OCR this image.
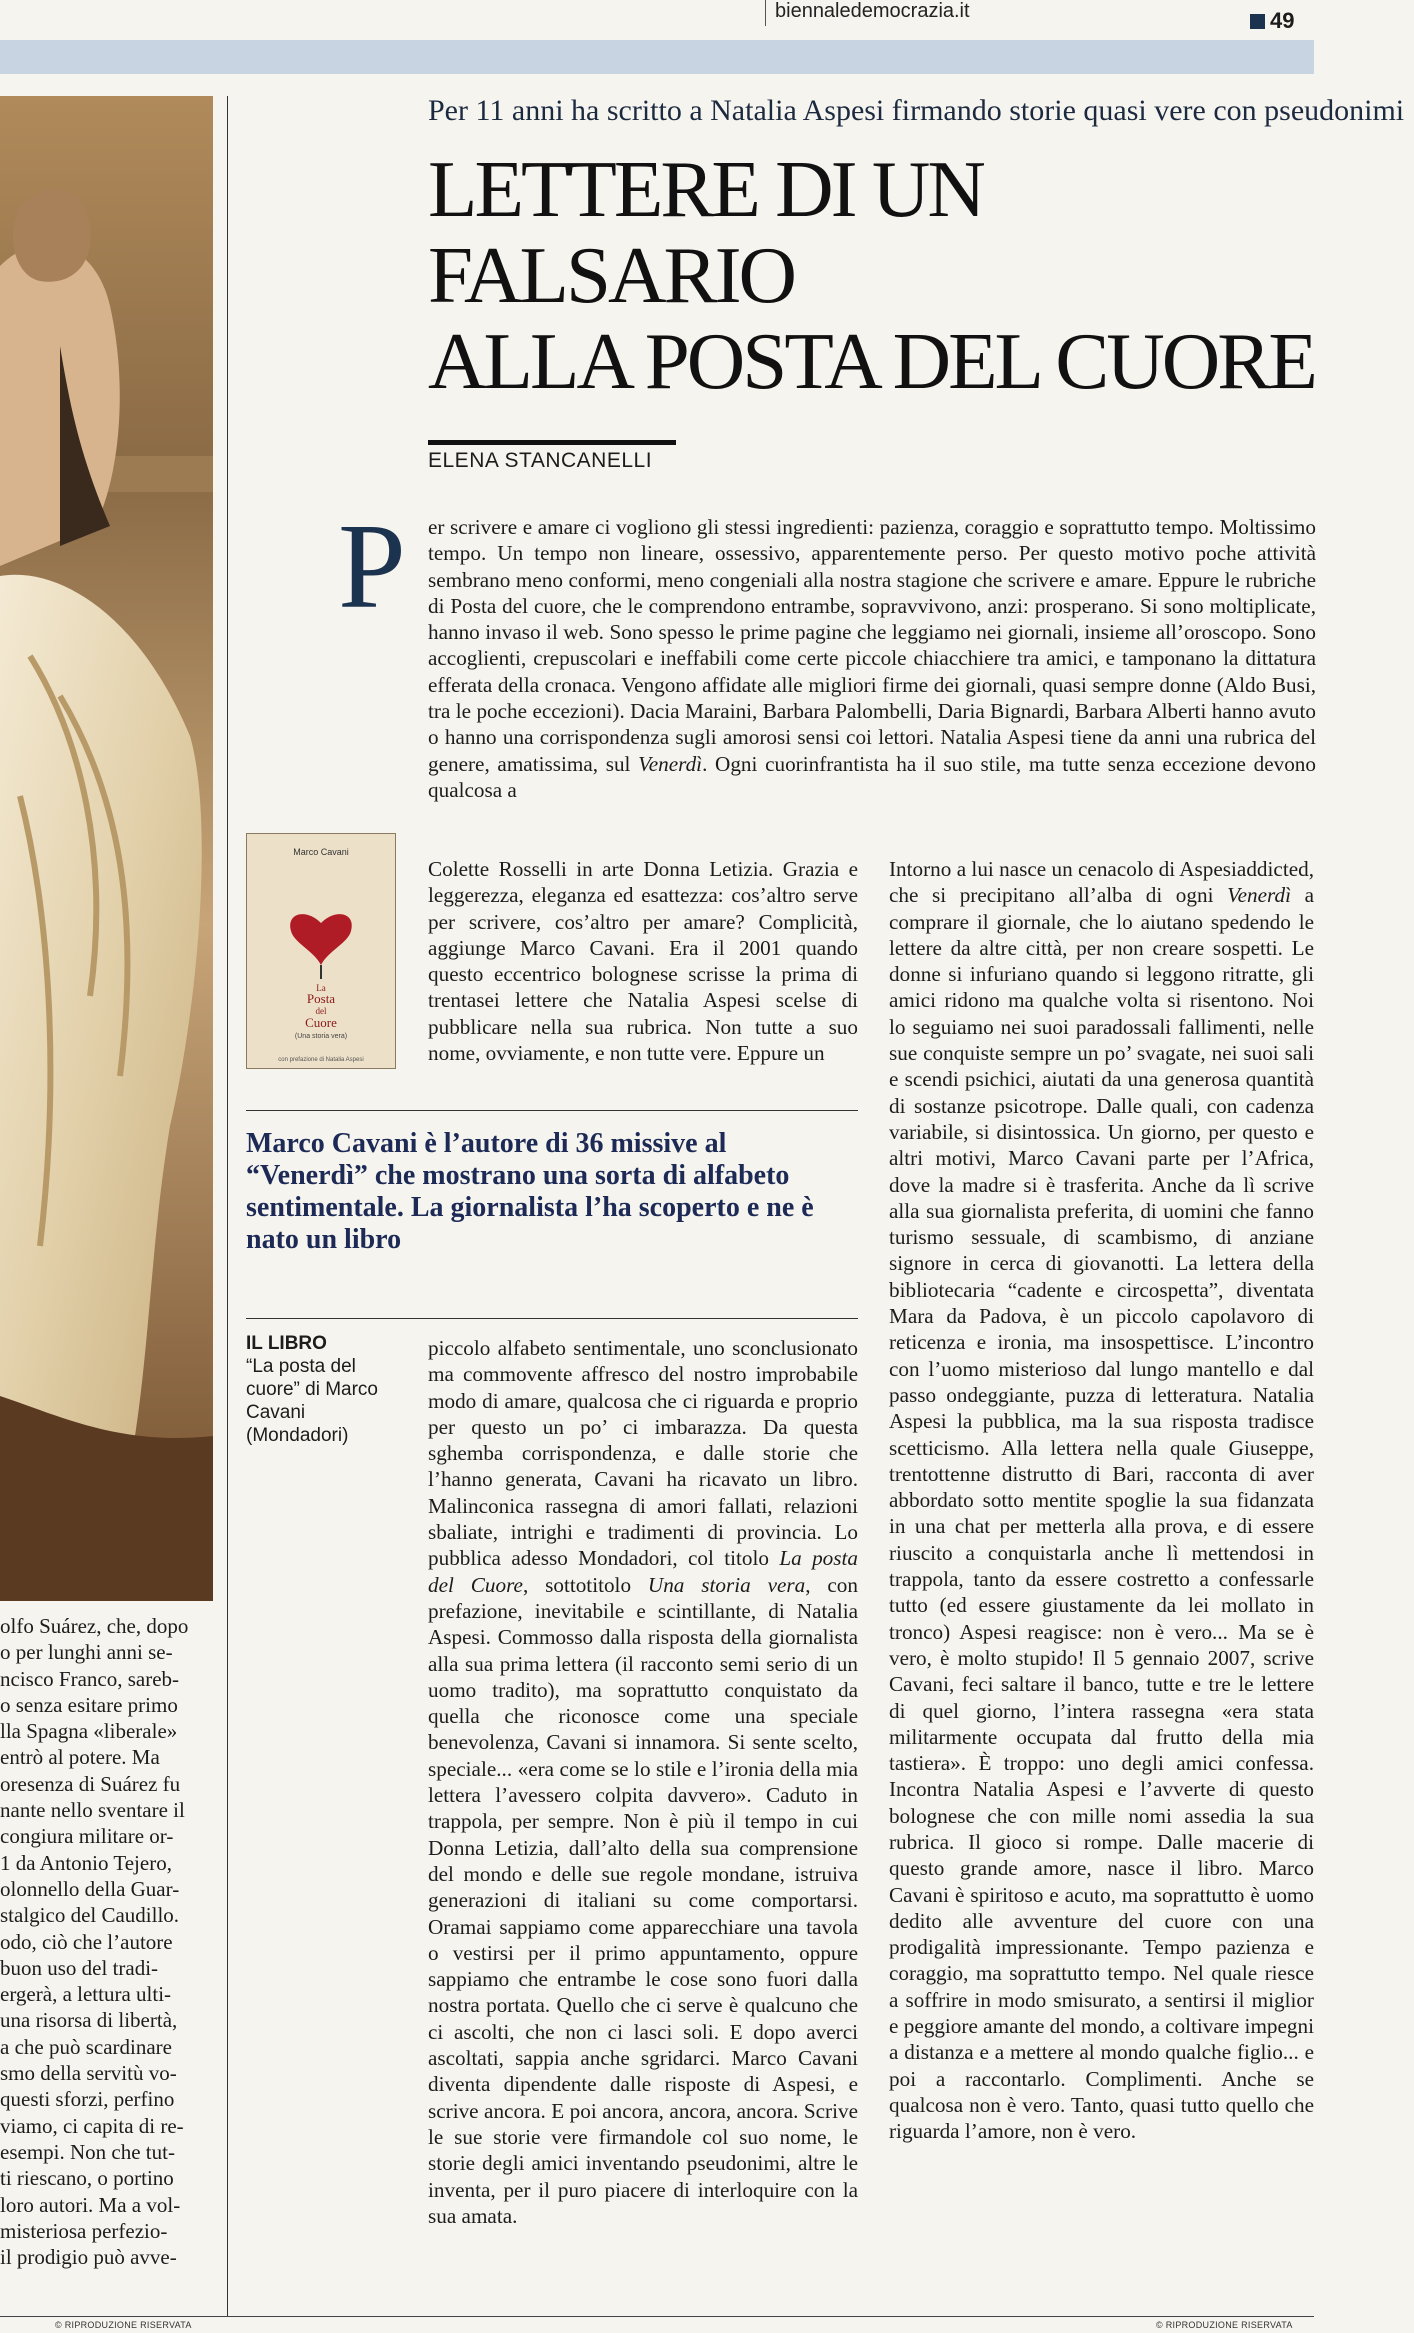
biennaledemocrazia.it	49

olfo Suárez, che, dopo

o per lunghi anni se-

ncisco Franco, sareb-

o senza esitare primo

lla Spagna «liberale»

entrò al potere. Ma

oresenza di Suárez fu

nante nello sventare il

congiura militare or-

1 da Antonio Tejero,

olonnello della Guar-

stalgico del Caudillo.

odo, ciò che l’autore

buon uso del tradi-

ergerà, a lettura ulti-

una risorsa di libertà,

a che può scardinare

smo della servitù vo-

questi sforzi, perfino

viamo, ci capita di re-

esempi. Non che tut-

ti riescano, o portino

loro autori. Ma a vol-

misteriosa perfezio-

il prodigio può avve-

Per 11 anni ha scritto a Natalia Aspesi firmando storie quasi vere con pseudonimi
LETTERE DI UN FALSARIO
ALLA POSTA DEL CUORE
ELENA STANCANELLI
P er scrivere e amare ci vogliono gli stessi ingredienti: pazienza, coraggio e soprattutto tempo. Moltissimo tempo. Un tempo non lineare, ossessivo, apparentemente perso. Per questo motivo poche attività sembrano meno conformi, meno congeniali alla nostra stagione che scrivere e amare. Eppure le rubriche di Posta del cuore, che le comprendono entrambe, sopravvivono, anzi: prosperano. Si sono moltiplicate, hanno invaso il web. Sono spesso le prime pagine che leggiamo nei giornali, insieme all’oroscopo. Sono accoglienti, crepuscolari e ineffabili come certe piccole chiacchiere tra amici, e tamponano la dittatura efferata della cronaca. Vengono affidate alle migliori firme dei giornali, quasi sempre donne (Aldo Busi, tra le poche eccezioni). Dacia Maraini, Barbara Palombelli, Daria Bignardi, Barbara Alberti hanno avuto o hanno una corrispondenza sugli amorosi sensi coi lettori. Natalia Aspesi tiene da anni una rubrica del genere, amatissima, sul Venerdì. Ogni cuorinfrantista ha il suo stile, ma tutte senza eccezione devono qualcosa a

Marco Cavani
La
Posta
del
Cuore
(Una storia vera)
con prefazione di Natalia Aspesi
Colette Rosselli in arte Donna Letizia. Grazia e leggerezza, eleganza ed esattezza: cos’altro serve per scrivere, cos’altro per amare? Complicità, aggiunge Marco Cavani. Era il 2001 quando questo eccentrico bolognese scrisse la prima di trentasei lettere che Natalia Aspesi scelse di pubblicare nella sua rubrica. Non tutte a suo nome, ovviamente, e non tutte vere. Eppure un
Marco Cavani è l’autore di 36 missive al “Venerdì” che mostrano una sorta di alfabeto sentimentale. La giornalista l’ha scoperto e ne è nato un libro
IL LIBRO
“La posta del cuore” di Marco Cavani (Mondadori)

piccolo alfabeto sentimentale, uno sconclusionato ma commovente affresco del nostro improbabile modo di amare, qualcosa che ci riguarda e proprio per questo un po’ ci imbarazza. Da questa sghemba corrispondenza, e dalle storie che l’hanno generata, Cavani ha ricavato un libro. Malinconica rassegna di amori fallati, relazioni sbaliate, intrighi e tradimenti di provincia. Lo pubblica adesso Mondadori, col titolo La posta del Cuore, sottotitolo Una storia vera, con prefazione, inevitabile e scintillante, di Natalia Aspesi. Commosso dalla risposta della giornalista alla sua prima lettera (il racconto semi serio di un uomo tradito), ma soprattutto conquistato da quella che riconosce come una speciale benevolenza, Cavani si innamora. Si sente scelto, speciale... «era come se lo stile e l’ironia della mia lettera l’avessero colpita davvero». Caduto in trappola, per sempre. Non è più il tempo in cui Donna Letizia, dall’alto della sua comprensione del mondo e delle sue regole mondane, istruiva generazioni di italiani su come comportarsi. Oramai sappiamo come apparecchiare una tavola o vestirsi per il primo appuntamento, oppure sappiamo che entrambe le cose sono fuori dalla nostra portata. Quello che ci serve è qualcuno che ci ascolti, che non ci lasci soli. E dopo averci ascoltati, sappia anche sgridarci. Marco Cavani diventa dipendente dalle risposte di Aspesi, e scrive ancora. E poi ancora, ancora, ancora. Scrive le sue storie vere firmandole col suo nome, le storie degli amici inventando pseudonimi, altre le inventa, per il puro piacere di interloquire con la sua amata.

Intorno a lui nasce un cenacolo di Aspesiaddicted, che si precipitano all’alba di ogni Venerdì a comprare il giornale, che lo aiutano spedendo le lettere da altre città, per non creare sospetti. Le donne si infuriano quando si leggono ritratte, gli amici ridono ma qualche volta si risentono. Noi lo seguiamo nei suoi paradossali fallimenti, nelle sue conquiste sempre un po’ svagate, nei suoi sali e scendi psichici, aiutati da una generosa quantità di sostanze psicotrope. Dalle quali, con cadenza variabile, si disintossica. Un giorno, per questo e altri motivi, Marco Cavani parte per l’Africa, dove la madre si è trasferita. Anche da lì scrive alla sua giornalista preferita, di uomini che fanno turismo sessuale, di scambismo, di anziane signore in cerca di giovanotti. La lettera della bibliotecaria “cadente e circospetta”, diventata Mara da Padova, è un piccolo capolavoro di reticenza e ironia, ma insospettisce. L’incontro con l’uomo misterioso dal lungo mantello e dal passo ondeggiante, puzza di letteratura. Natalia Aspesi la pubblica, ma la sua risposta tradisce scetticismo. Alla lettera nella quale Giuseppe, trentottenne distrutto di Bari, racconta di aver abbordato sotto mentite spoglie la sua fidanzata in una chat per metterla alla prova, e di essere riuscito a conquistarla anche lì mettendosi in trappola, tanto da essere costretto a confessarle tutto (ed essere giustamente da lei mollato in tronco) Aspesi reagisce: non è vero... Ma se è vero, è molto stupido! Il 5 gennaio 2007, scrive Cavani, feci saltare il banco, tutte e tre le lettere di quel giorno, l’intera rassegna «era stata militarmente occupata dal frutto della mia tastiera». È troppo: uno degli amici confessa. Incontra Natalia Aspesi e l’avverte di questo bolognese che con mille nomi assedia la sua rubrica. Il gioco si rompe. Dalle macerie di questo grande amore, nasce il libro. Marco Cavani è spiritoso e acuto, ma soprattutto è uomo dedito alle avventure del cuore con una prodigalità impressionante. Tempo pazienza e coraggio, ma soprattutto tempo. Nel quale riesce a soffrire in modo smisurato, a sentirsi il miglior e peggiore amante del mondo, a coltivare impegni a distanza e a mettere al mondo qualche figlio... e poi a raccontarlo. Complimenti. Anche se qualcosa non è vero. Tanto, quasi tutto quello che riguarda l’amore, non è vero.

© RIPRODUZIONE RISERVATA	© RIPRODUZIONE RISERVATA
